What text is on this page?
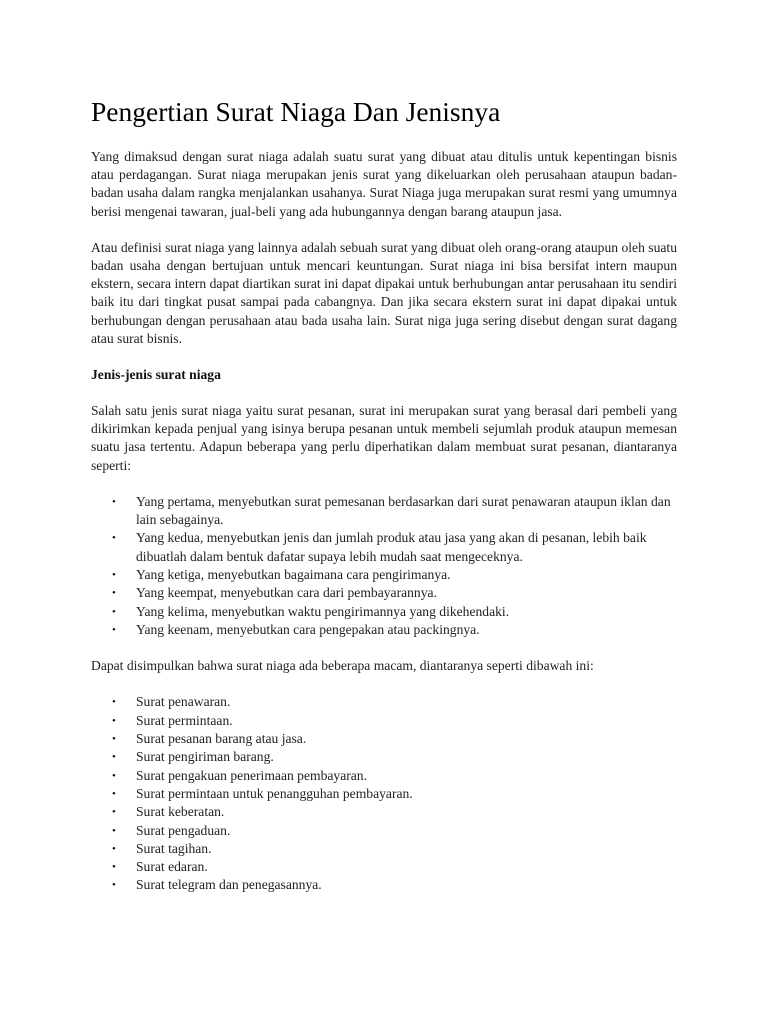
Pengertian Surat Niaga Dan Jenisnya

Yang dimaksud dengan surat niaga adalah suatu surat yang dibuat atau ditulis untuk kepentingan bisnis atau perdagangan. Surat niaga merupakan jenis surat yang dikeluarkan oleh perusahaan ataupun badan-badan usaha dalam rangka menjalankan usahanya. Surat Niaga juga merupakan surat resmi yang umumnya berisi mengenai tawaran, jual-beli yang ada hubungannya dengan barang ataupun jasa.

Atau definisi surat niaga yang lainnya adalah sebuah surat yang dibuat oleh orang-orang ataupun oleh suatu badan usaha dengan bertujuan untuk mencari keuntungan. Surat niaga ini bisa bersifat intern maupun ekstern, secara intern dapat diartikan surat ini dapat dipakai untuk berhubungan antar perusahaan itu sendiri baik itu dari tingkat pusat sampai pada cabangnya. Dan jika secara ekstern surat ini dapat dipakai untuk berhubungan dengan perusahaan atau bada usaha lain. Surat niga juga sering disebut dengan surat dagang atau surat bisnis.

Jenis-jenis surat niaga

Salah satu jenis surat niaga yaitu surat pesanan, surat ini merupakan surat yang berasal dari pembeli yang dikirimkan kepada penjual yang isinya berupa pesanan untuk membeli sejumlah produk ataupun memesan suatu jasa tertentu. Adapun beberapa yang perlu diperhatikan dalam membuat surat pesanan, diantaranya seperti:

• Yang pertama, menyebutkan surat pemesanan berdasarkan dari surat penawaran ataupun iklan dan lain sebagainya.
• Yang kedua, menyebutkan jenis dan jumlah produk atau jasa yang akan di pesanan, lebih baik dibuatlah dalam bentuk dafatar supaya lebih mudah saat mengeceknya.
• Yang ketiga, menyebutkan bagaimana cara pengirimanya.
• Yang keempat, menyebutkan cara dari pembayarannya.
• Yang kelima, menyebutkan waktu pengirimannya yang dikehendaki.
• Yang keenam, menyebutkan cara pengepakan atau packingnya.

Dapat disimpulkan bahwa surat niaga ada beberapa macam, diantaranya seperti dibawah ini:

• Surat penawaran.
• Surat permintaan.
• Surat pesanan barang atau jasa.
• Surat pengiriman barang.
• Surat pengakuan penerimaan pembayaran.
• Surat permintaan untuk penangguhan pembayaran.
• Surat keberatan.
• Surat pengaduan.
• Surat tagihan.
• Surat edaran.
• Surat telegram dan penegasannya.
